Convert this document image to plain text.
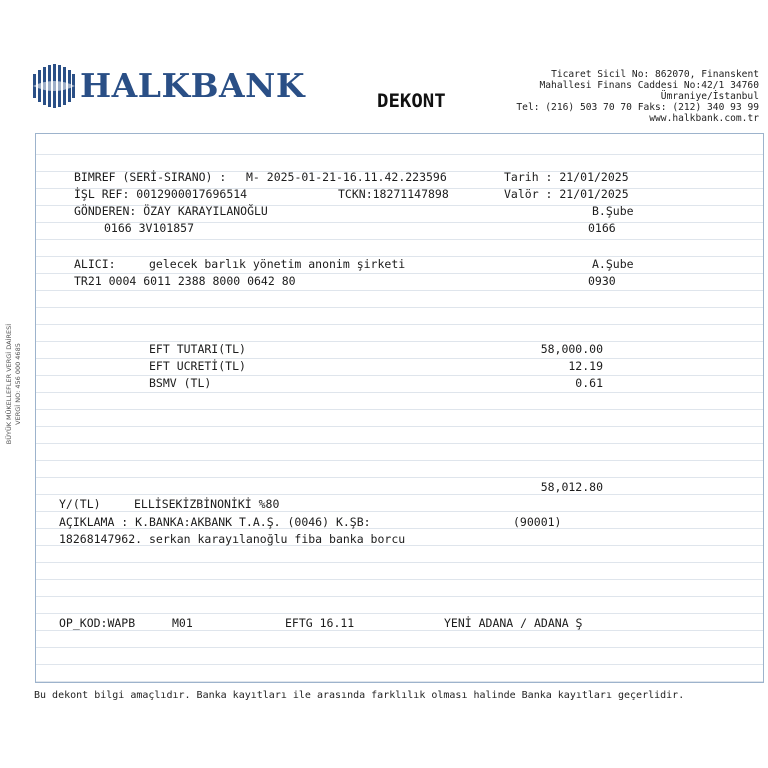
HALKBANK	DEKONT
Ticaret Sicil No: 862070, Finanskent
Mahallesi Finans Caddesi No:42/1 34760
Ümraniye/İstanbul
Tel: (216) 503 70 70 Faks: (212) 340 93 99
www.halkbank.com.tr
BÜYÜK MÜKELLEFLER VERGİ DAİRESİ VERGİ NO: 456 000 4685
BIMREF (SERİ-SIRANO) : M- 2025-01-21-16.11.42.223596	Tarih : 21/01/2025
İŞL REF: 0012900017696514	TCKN:18271147898	Valör : 21/01/2025
GÖNDEREN: ÖZAY KARAYILANOĞLU	B.Şube
0166 3V101857	0166
ALICI:	gelecek barlık yönetim anonim şirketi	A.Şube
TR21 0004 6011 2388 8000 0642 80	0930
EFT TUTARI(TL)	58,000.00
EFT UCRETİ(TL)	12.19
BSMV (TL)	0.61
58,012.80
Y/(TL)	ELLİSEKİZBİNONİKİ %80
AÇIKLAMA : K.BANKA:AKBANK T.A.Ş. (0046) K.ŞB:	(90001)
18268147962. serkan karayılanoğlu fiba banka borcu
OP_KOD:WAPB	M01	EFTG 16.11	YENİ ADANA / ADANA Ş
Bu dekont bilgi amaçlıdır. Banka kayıtları ile arasında farklılık olması halinde Banka kayıtları geçerlidir.
